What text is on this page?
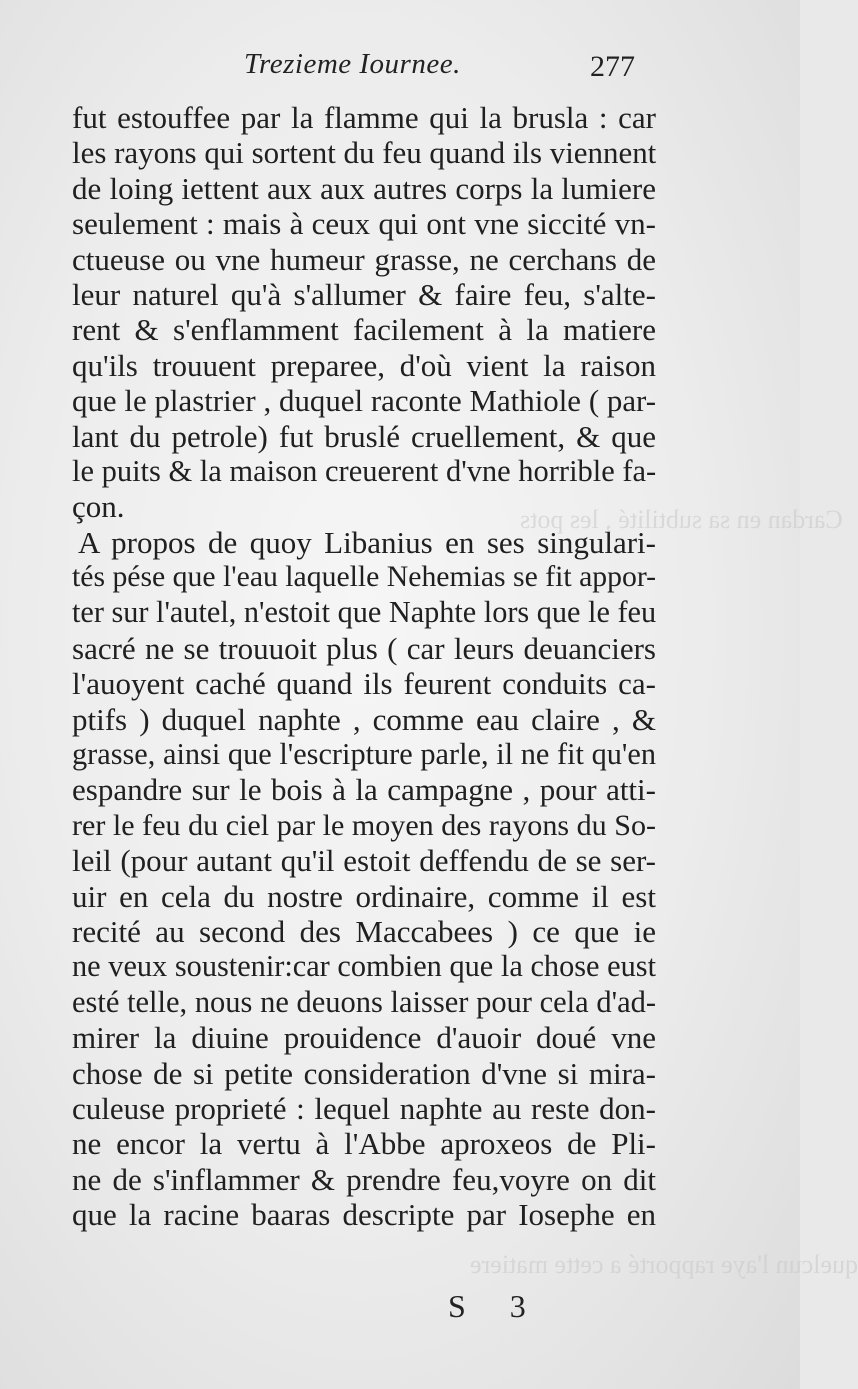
Cardan en sa subtilité , les pots
quelcun l'aye rapporté a cette matiere
Trezieme Iournee.	277
fut estouffee par la flamme qui la brusla : car
les rayons qui sortent du feu quand ils viennent
de loing iettent aux aux autres corps la lumiere
seulement : mais à ceux qui ont vne siccité vn-
ctueuse ou vne humeur grasse, ne cerchans de
leur naturel qu'à s'allumer & faire feu, s'alte-
rent & s'enflamment facilement à la matiere
qu'ils trouuent preparee, d'où vient la raison
que le plastrier , duquel raconte Mathiole ( par-
lant du petrole) fut bruslé cruellement, & que
le puits & la maison creuerent d'vne horrible fa-
çon.
A propos de quoy Libanius en ses singulari-
tés pése que l'eau laquelle Nehemias se fit appor-
ter sur l'autel, n'estoit que Naphte lors que le feu
sacré ne se trouuoit plus ( car leurs deuanciers
l'auoyent caché quand ils feurent conduits ca-
ptifs ) duquel naphte , comme eau claire , &
grasse, ainsi que l'escripture parle, il ne fit qu'en
espandre sur le bois à la campagne , pour atti-
rer le feu du ciel par le moyen des rayons du So-
leil (pour autant qu'il estoit deffendu de se ser-
uir en cela du nostre ordinaire, comme il est
recité au second des Maccabees ) ce que ie
ne veux soustenir:car combien que la chose eust
esté telle, nous ne deuons laisser pour cela d'ad-
mirer la diuine prouidence d'auoir doué vne
chose de si petite consideration d'vne si mira-
culeuse proprieté : lequel naphte au reste don-
ne encor la vertu à l'Abbe aproxeos de Pli-
ne de s'inflammer & prendre feu,voyre on dit
que la racine baaras descripte par Iosephe en
S 3
